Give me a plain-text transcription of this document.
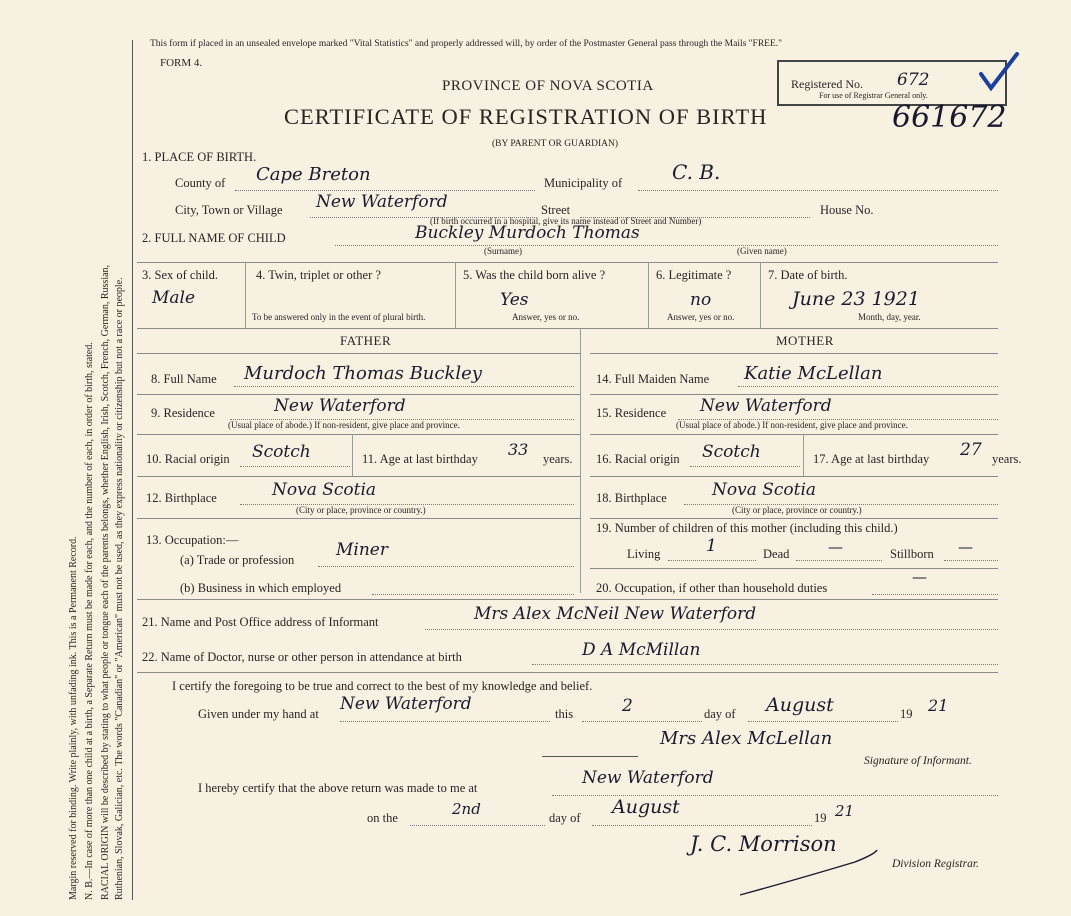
Margin reserved for binding. Write plainly, with unfading ink. This is a Permanent Record. N. B.—In case of more than one child at a birth, a Separate Return must be made for each, and the number of each, in order of birth, stated. RACIAL ORIGIN will be described by stating to what people or tongue each of the parents belongs, whether English, Irish, Scotch, French, German, Russian, Ruthenian, Slovak, Galician, etc. The words "Canadian" or "American" must not be used, as they express nationality or citizenship but not a race or people.
This form if placed in an unsealed envelope marked "Vital Statistics" and properly addressed will, by order of the Postmaster General pass through the Mails "FREE."
FORM 4.
PROVINCE OF NOVA SCOTIA
CERTIFICATE OF REGISTRATION OF BIRTH
(BY PARENT OR GUARDIAN)
Registered No. 672
For use of Registrar General only.
661672
1. PLACE OF BIRTH.
County of Cape Breton	Municipality of C. B.
City, Town or Village New Waterford	Street	House No.
(If birth occurred in a hospital, give its name instead of Street and Number)
2. FULL NAME OF CHILD	Buckley Murdoch Thomas
(Surname)	(Given name)
3. Sex of child.
Male
4. Twin, triplet or other ?
To be answered only in the event of plural birth.
5. Was the child born alive ?
Yes
Answer, yes or no.
6. Legitimate ?
no
Answer, yes or no.
7. Date of birth.
June 23 1921
Month, day, year.
FATHER	MOTHER
8. Full Name Murdoch Thomas Buckley
9. Residence	New Waterford
(Usual place of abode.) If non-resident, give place and province.
10. Racial origin Scotch	11. Age at last birthday 33 years.
12. Birthplace	Nova Scotia
(City or place, province or country.)
13. Occupation:—
(a) Trade or profession Miner
(b) Business in which employed
14. Full Maiden Name Katie McLellan
15. Residence New Waterford
(Usual place of abode.) If non-resident, give place and province.
16. Racial origin Scotch	17. Age at last birthday 27 years.
18. Birthplace	Nova Scotia
(City or place, province or country.)
19. Number of children of this mother (including this child.)
Living	1	Dead	—	Stillborn —
20. Occupation, if other than household duties
—
21. Name and Post Office address of Informant	Mrs Alex McNeil New Waterford
22. Name of Doctor, nurse or other person in attendance at birth	D A McMillan
I certify the foregoing to be true and correct to the best of my knowledge and belief.
Given under my hand at New Waterford	this	2	day of August	19 21
Mrs Alex McLellan
Signature of Informant.
I hereby certify that the above return was made to me at	New Waterford
on the	2nd	day of August	19 21
J. C. Morrison
Division Registrar.
